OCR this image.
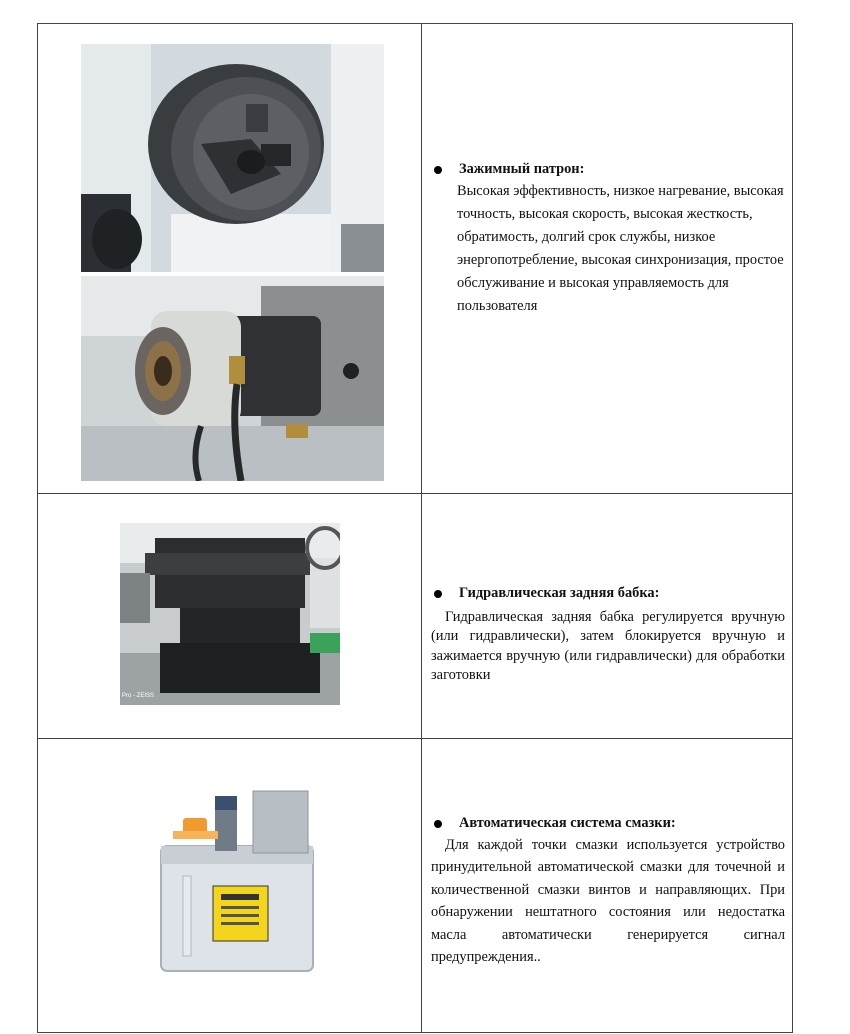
Зажимный патрон:
Высокая эффективность, низкое нагревание, высокая точность, высокая скорость, высокая жесткость, обратимость, долгий срок службы, низкое энергопотребление, высокая синхронизация, простое обслуживание и высокая управляемость для пользователя
Pro - ZEISS
Гидравлическая задняя бабка:
Гидравлическая задняя бабка регулируется вручную (или гидравлически), затем блокируется вручную и зажимается вручную (или гидравлически) для обработки заготовки
Автоматическая система смазки:
Для каждой точки смазки используется устройство принудительной автоматической смазки для точечной и количественной смазки винтов и направляющих. При обнаружении нештатного состояния или недостатка масла автоматически генерируется сигнал предупреждения..
